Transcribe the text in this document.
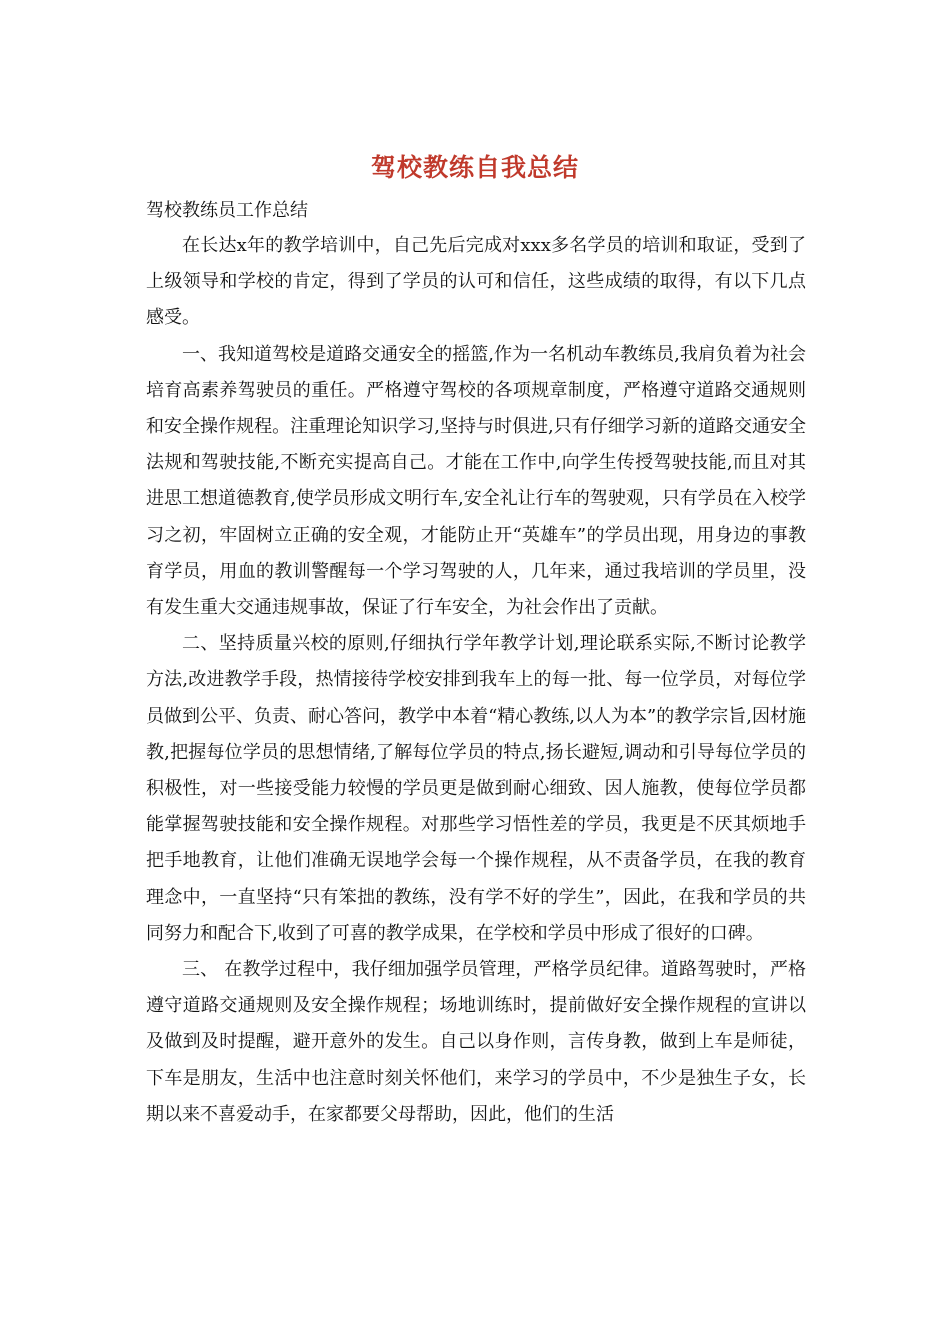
驾校教练自我总结
驾校教练员工作总结

在长达x年的教学培训中，自己先后完成对xxx多名学员的培训和取证，受到了上级领导和学校的肯定，得到了学员的认可和信任，这些成绩的取得，有以下几点感受。

一、我知道驾校是道路交通安全的摇篮,作为一名机动车教练员,我肩负着为社会培育高素养驾驶员的重任。严格遵守驾校的各项规章制度，严格遵守道路交通规则和安全操作规程。注重理论知识学习,坚持与时俱进,只有仔细学习新的道路交通安全法规和驾驶技能,不断充实提高自己。才能在工作中,向学生传授驾驶技能,而且对其进思工想道德教育,使学员形成文明行车,安全礼让行车的驾驶观，只有学员在入校学习之初，牢固树立正确的安全观，才能防止开“英雄车”的学员出现，用身边的事教育学员，用血的教训警醒每一个学习驾驶的人，几年来，通过我培训的学员里，没有发生重大交通违规事故，保证了行车安全，为社会作出了贡献。

二、坚持质量兴校的原则,仔细执行学年教学计划,理论联系实际,不断讨论教学方法,改进教学手段，热情接待学校安排到我车上的每一批、每一位学员，对每位学员做到公平、负责、耐心答问，教学中本着“精心教练,以人为本”的教学宗旨,因材施教,把握每位学员的思想情绪,了解每位学员的特点,扬长避短,调动和引导每位学员的积极性，对一些接受能力较慢的学员更是做到耐心细致、因人施教，使每位学员都能掌握驾驶技能和安全操作规程。对那些学习悟性差的学员，我更是不厌其烦地手把手地教育，让他们准确无误地学会每一个操作规程，从不责备学员，在我的教育理念中，一直坚持“只有笨拙的教练，没有学不好的学生”，因此，在我和学员的共同努力和配合下,收到了可喜的教学成果，在学校和学员中形成了很好的口碑。

三、 在教学过程中，我仔细加强学员管理，严格学员纪律。道路驾驶时，严格遵守道路交通规则及安全操作规程；场地训练时，提前做好安全操作规程的宣讲以及做到及时提醒，避开意外的发生。自己以身作则，言传身教，做到上车是师徒，下车是朋友，生活中也注意时刻关怀他们，来学习的学员中，不少是独生子女，长期以来不喜爱动手，在家都要父母帮助，因此，他们的生活
